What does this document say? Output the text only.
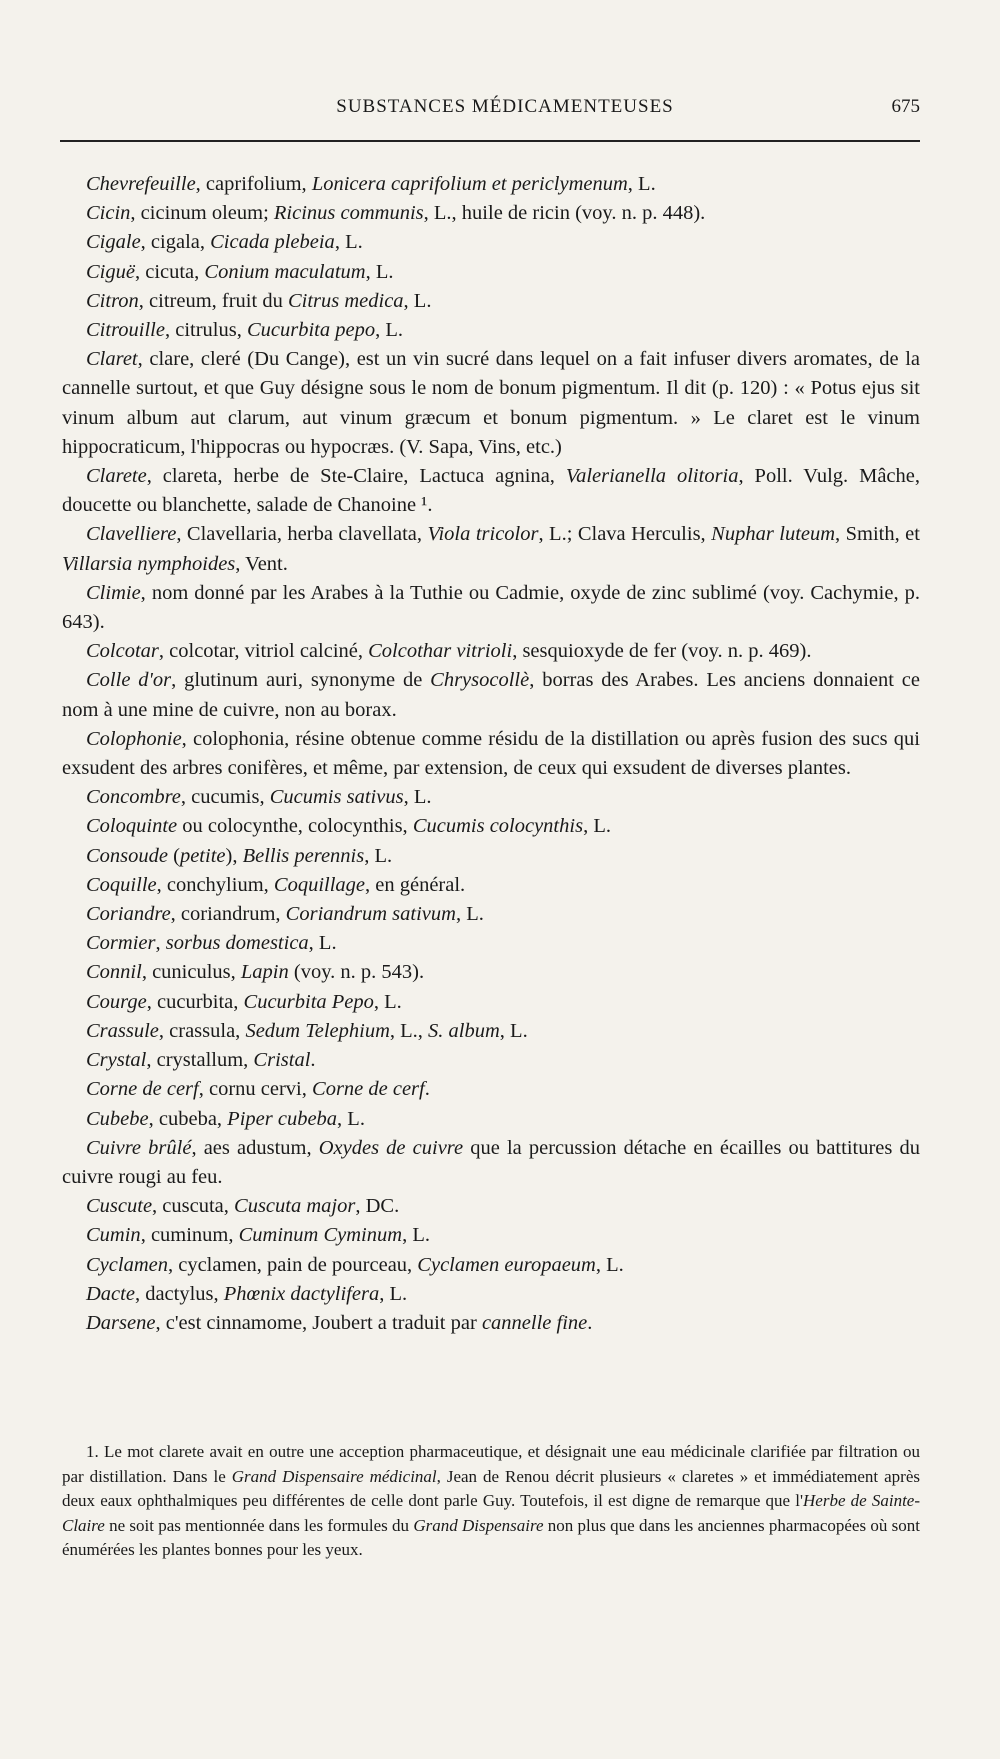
SUBSTANCES MÉDICAMENTEUSES	675

Chevrefeuille, caprifolium, Lonicera caprifolium et periclymenum, L.

Cicin, cicinum oleum; Ricinus communis, L., huile de ricin (voy. n. p. 448).

Cigale, cigala, Cicada plebeia, L.

Ciguë, cicuta, Conium maculatum, L.

Citron, citreum, fruit du Citrus medica, L.

Citrouille, citrulus, Cucurbita pepo, L.

Claret, clare, cleré (Du Cange), est un vin sucré dans lequel on a fait infuser divers aromates, de la cannelle surtout, et que Guy désigne sous le nom de bonum pigmentum. Il dit (p. 120) : « Potus ejus sit vinum album aut clarum, aut vinum græcum et bonum pigmentum. » Le claret est le vinum hippocraticum, l'hippocras ou hypocræs. (V. Sapa, Vins, etc.)

Clarete, clareta, herbe de Ste-Claire, Lactuca agnina, Valerianella olitoria, Poll. Vulg. Mâche, doucette ou blanchette, salade de Chanoine ¹.

Clavelliere, Clavellaria, herba clavellata, Viola tricolor, L.; Clava Herculis, Nuphar luteum, Smith, et Villarsia nymphoides, Vent.

Climie, nom donné par les Arabes à la Tuthie ou Cadmie, oxyde de zinc sublimé (voy. Cachymie, p. 643).

Colcotar, colcotar, vitriol calciné, Colcothar vitrioli, sesquioxyde de fer (voy. n. p. 469).

Colle d'or, glutinum auri, synonyme de Chrysocollè, borras des Arabes. Les anciens donnaient ce nom à une mine de cuivre, non au borax.

Colophonie, colophonia, résine obtenue comme résidu de la distillation ou après fusion des sucs qui exsudent des arbres conifères, et même, par extension, de ceux qui exsudent de diverses plantes.

Concombre, cucumis, Cucumis sativus, L.

Coloquinte ou colocynthe, colocynthis, Cucumis colocynthis, L.

Consoude (petite), Bellis perennis, L.

Coquille, conchylium, Coquillage, en général.

Coriandre, coriandrum, Coriandrum sativum, L.

Cormier, sorbus domestica, L.

Connil, cuniculus, Lapin (voy. n. p. 543).

Courge, cucurbita, Cucurbita Pepo, L.

Crassule, crassula, Sedum Telephium, L., S. album, L.

Crystal, crystallum, Cristal.

Corne de cerf, cornu cervi, Corne de cerf.

Cubebe, cubeba, Piper cubeba, L.

Cuivre brûlé, aes adustum, Oxydes de cuivre que la percussion détache en écailles ou battitures du cuivre rougi au feu.

Cuscute, cuscuta, Cuscuta major, DC.

Cumin, cuminum, Cuminum Cyminum, L.

Cyclamen, cyclamen, pain de pourceau, Cyclamen europaeum, L.

Dacte, dactylus, Phœnix dactylifera, L.

Darsene, c'est cinnamome, Joubert a traduit par cannelle fine.

1. Le mot clarete avait en outre une acception pharmaceutique, et désignait une eau médicinale clarifiée par filtration ou par distillation. Dans le Grand Dispensaire médicinal, Jean de Renou décrit plusieurs « claretes » et immédiatement après deux eaux ophthalmiques peu différentes de celle dont parle Guy. Toutefois, il est digne de remarque que l'Herbe de Sainte-Claire ne soit pas mentionnée dans les formules du Grand Dispensaire non plus que dans les anciennes pharmacopées où sont énumérées les plantes bonnes pour les yeux.
